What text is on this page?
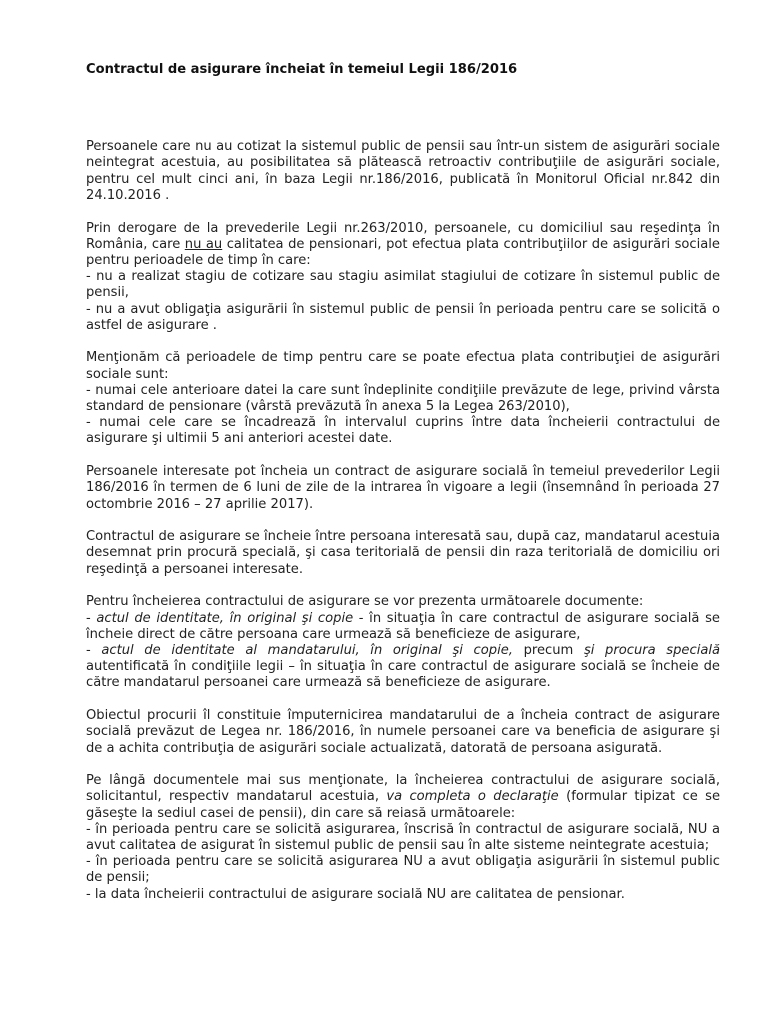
Contractul de asigurare încheiat în temeiul Legii 186/2016

Persoanele care nu au cotizat la sistemul public de pensii sau într-un sistem de asigurări sociale neintegrat acestuia, au posibilitatea să plătească retroactiv contribuţiile de asigurări sociale, pentru cel mult cinci ani, în baza Legii nr.186/2016, publicată în Monitorul Oficial nr.842 din 24.10.2016 .

Prin derogare de la prevederile Legii nr.263/2010, persoanele, cu domiciliul sau reşedinţa în România, care nu au calitatea de pensionari, pot efectua plata contribuţiilor de asigurări sociale pentru perioadele de timp în care:
- nu a realizat stagiu de cotizare sau stagiu asimilat stagiului de cotizare în sistemul public de pensii,
- nu a avut obligaţia asigurării în sistemul public de pensii în perioada pentru care se solicită o astfel de asigurare .

Menţionăm că perioadele de timp pentru care se poate efectua plata contribuţiei de asigurări sociale sunt:
- numai cele anterioare datei la care sunt îndeplinite condiţiile prevăzute de lege, privind vârsta standard de pensionare (vârstă prevăzută în anexa 5 la Legea 263/2010),
- numai cele care se încadrează în intervalul cuprins între data încheierii contractului de asigurare şi ultimii 5 ani anteriori acestei date.

Persoanele interesate pot încheia un contract de asigurare socială în temeiul prevederilor Legii 186/2016 în termen de 6 luni de zile de la intrarea în vigoare a legii (însemnând în perioada 27 octombrie 2016 – 27 aprilie 2017).

Contractul de asigurare se încheie între persoana interesată sau, după caz, mandatarul acestuia desemnat prin procură specială, şi casa teritorială de pensii din raza teritorială de domiciliu ori reşedinţă a persoanei interesate.

Pentru încheierea contractului de asigurare se vor prezenta următoarele documente:
- actul de identitate, în original şi copie - în situaţia în care contractul de asigurare socială se încheie direct de către persoana care urmează să beneficieze de asigurare,
- actul de identitate al mandatarului, în original şi copie, precum şi procura specială autentificată în condiţiile legii – în situaţia în care contractul de asigurare socială se încheie de către mandatarul persoanei care urmează să beneficieze de asigurare.

Obiectul procurii îl constituie împuternicirea mandatarului de a încheia contract de asigurare socială prevăzut de Legea nr. 186/2016, în numele persoanei care va beneficia de asigurare şi de a achita contribuţia de asigurări sociale actualizată, datorată de persoana asigurată.

Pe lângă documentele mai sus menţionate, la încheierea contractului de asigurare socială, solicitantul, respectiv mandatarul acestuia, va completa o declaraţie (formular tipizat ce se găseşte la sediul casei de pensii), din care să reiasă următoarele:
- în perioada pentru care se solicită asigurarea, înscrisă în contractul de asigurare socială, NU a avut calitatea de asigurat în sistemul public de pensii sau în alte sisteme neintegrate acestuia;
- în perioada pentru care se solicită asigurarea NU a avut obligaţia asigurării în sistemul public de pensii;
- la data încheierii contractului de asigurare socială NU are calitatea de pensionar.
